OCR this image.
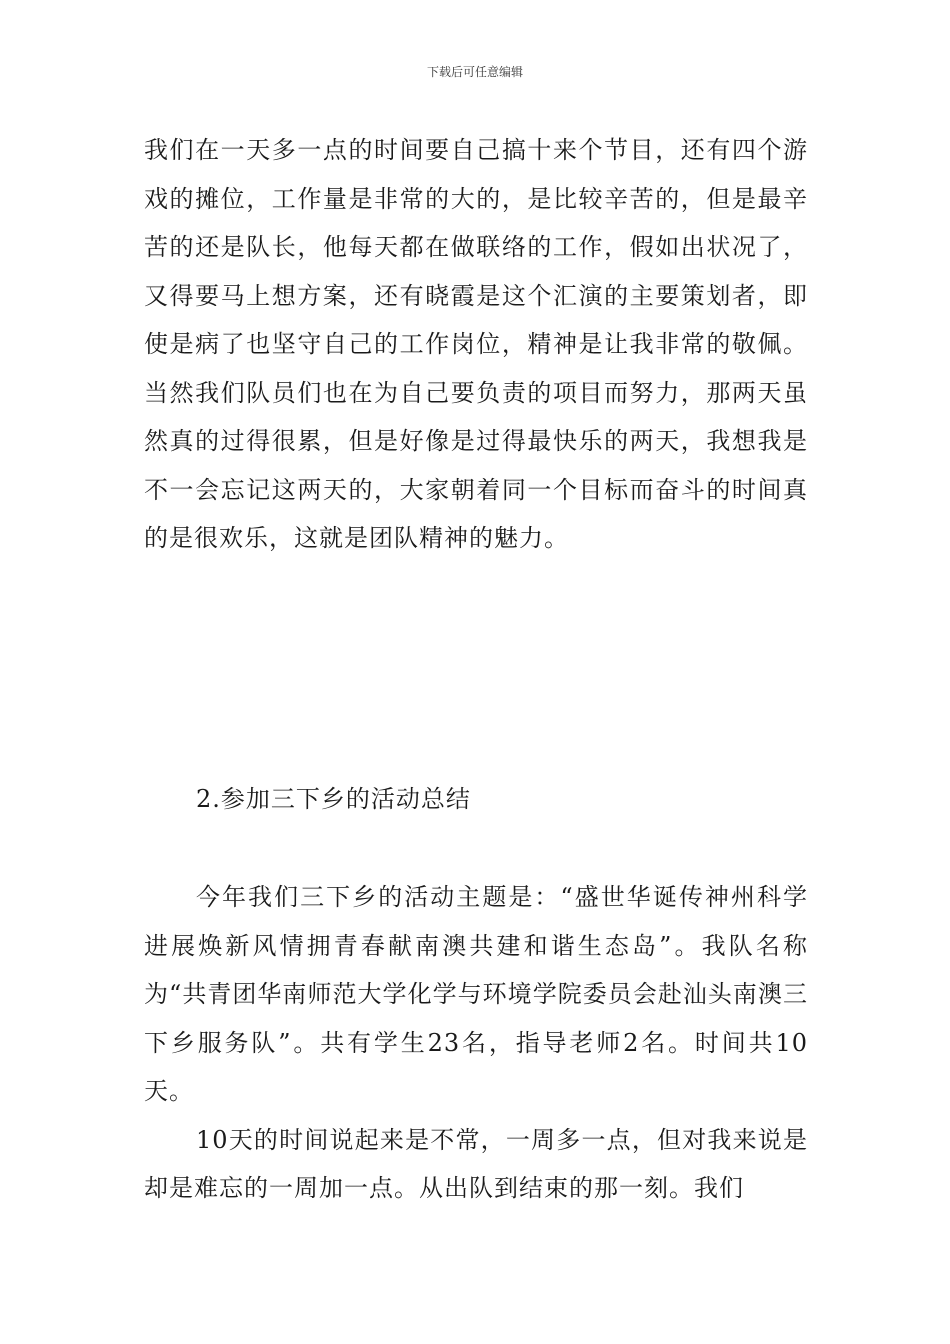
下载后可任意编辑

我们在一天多一点的时间要自己搞十来个节目，还有四个游戏的摊位，工作量是非常的大的，是比较辛苦的，但是最辛苦的还是队长，他每天都在做联络的工作，假如出状况了，又得要马上想方案，还有晓霞是这个汇演的主要策划者，即使是病了也坚守自己的工作岗位，精神是让我非常的敬佩。当然我们队员们也在为自己要负责的项目而努力，那两天虽然真的过得很累，但是好像是过得最快乐的两天，我想我是不一会忘记这两天的，大家朝着同一个目标而奋斗的时间真的是很欢乐，这就是团队精神的魅力。

2.参加三下乡的活动总结

今年我们三下乡的活动主题是：“盛世华诞传神州科学进展焕新风情拥青春献南澳共建和谐生态岛”。我队名称为“共青团华南师范大学化学与环境学院委员会赴汕头南澳三下乡服务队”。共有学生23名，指导老师2名。时间共10天。

10天的时间说起来是不常，一周多一点，但对我来说是却是难忘的一周加一点。从出队到结束的那一刻。我们
